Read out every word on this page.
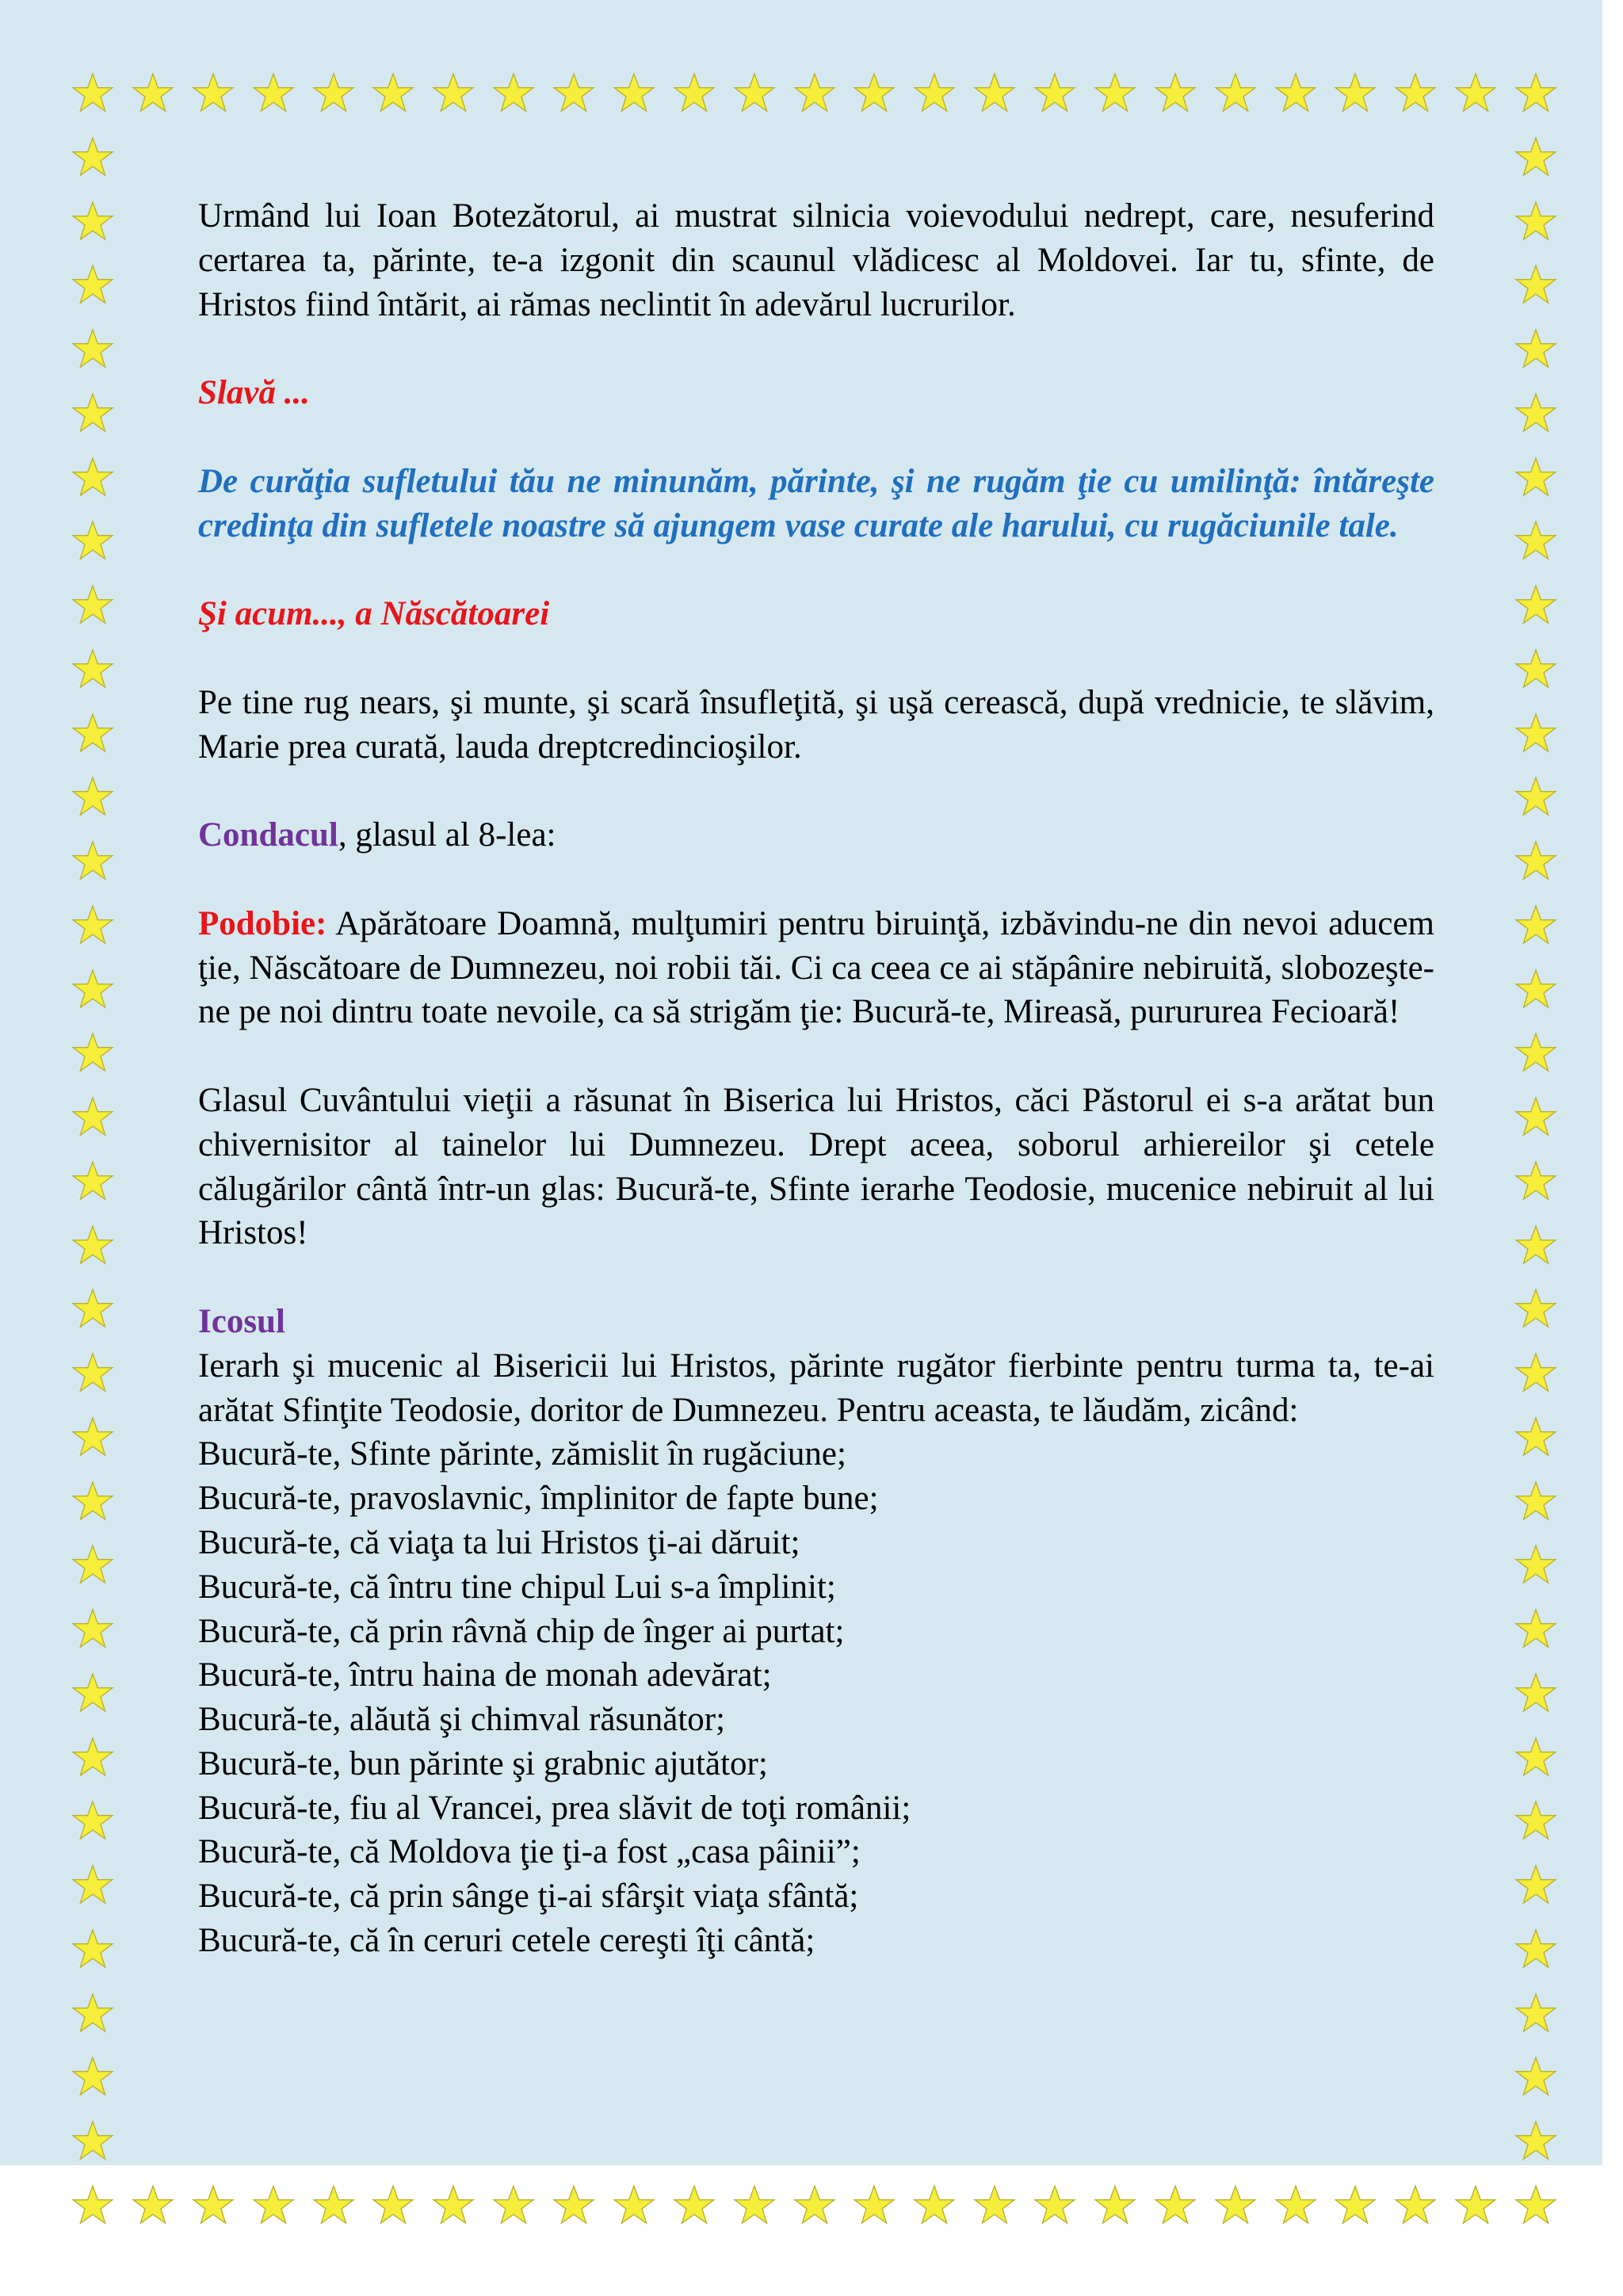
Urmând lui Ioan Botezătorul, ai mustrat silnicia voievodului nedrept, care, nesuferind certarea ta, părinte, te-a izgonit din scaunul vlădicesc al Moldovei. Iar tu, sfinte, de Hristos fiind întărit, ai rămas neclintit în adevărul lucrurilor.

Slavă ...

De curăţia sufletului tău ne minunăm, părinte, şi ne rugăm ţie cu umilinţă: întăreşte credinţa din sufletele noastre să ajungem vase curate ale harului, cu rugăciunile tale.

Şi acum..., a Născătoarei

Pe tine rug nears, şi munte, şi scară însufleţită, şi uşă cerească, după vrednicie, te slăvim, Marie prea curată, lauda dreptcredincioşilor.

Condacul, glasul al 8-lea:

Podobie: Apărătoare Doamnă, mulţumiri pentru biruinţă, izbăvindu-ne din nevoi aducem ţie, Născătoare de Dumnezeu, noi robii tăi. Ci ca ceea ce ai stăpânire nebiruită, slobozeşte-ne pe noi dintru toate nevoile, ca să strigăm ţie: Bucură-te, Mireasă, purururea Fecioară!

Glasul Cuvântului vieţii a răsunat în Biserica lui Hristos, căci Păstorul ei s-a arătat bun chivernisitor al tainelor lui Dumnezeu. Drept aceea, soborul arhiereilor şi cetele călugărilor cântă într-un glas: Bucură-te, Sfinte ierarhe Teodosie, mucenice nebiruit al lui Hristos!

Icosul

Ierarh şi mucenic al Bisericii lui Hristos, părinte rugător fierbinte pentru turma ta, te-ai arătat Sfinţite Teodosie, doritor de Dumnezeu. Pentru aceasta, te lăudăm, zicând:

Bucură-te, Sfinte părinte, zămislit în rugăciune;
Bucură-te, pravoslavnic, împlinitor de fapte bune;
Bucură-te, că viaţa ta lui Hristos ţi-ai dăruit;
Bucură-te, că întru tine chipul Lui s-a împlinit;
Bucură-te, că prin râvnă chip de înger ai purtat;
Bucură-te, întru haina de monah adevărat;
Bucură-te, alăută şi chimval răsunător;
Bucură-te, bun părinte şi grabnic ajutător;
Bucură-te, fiu al Vrancei, prea slăvit de toţi românii;
Bucură-te, că Moldova ţie ţi-a fost „casa pâinii”;
Bucură-te, că prin sânge ţi-ai sfârşit viaţa sfântă;
Bucură-te, că în ceruri cetele cereşti îţi cântă;
